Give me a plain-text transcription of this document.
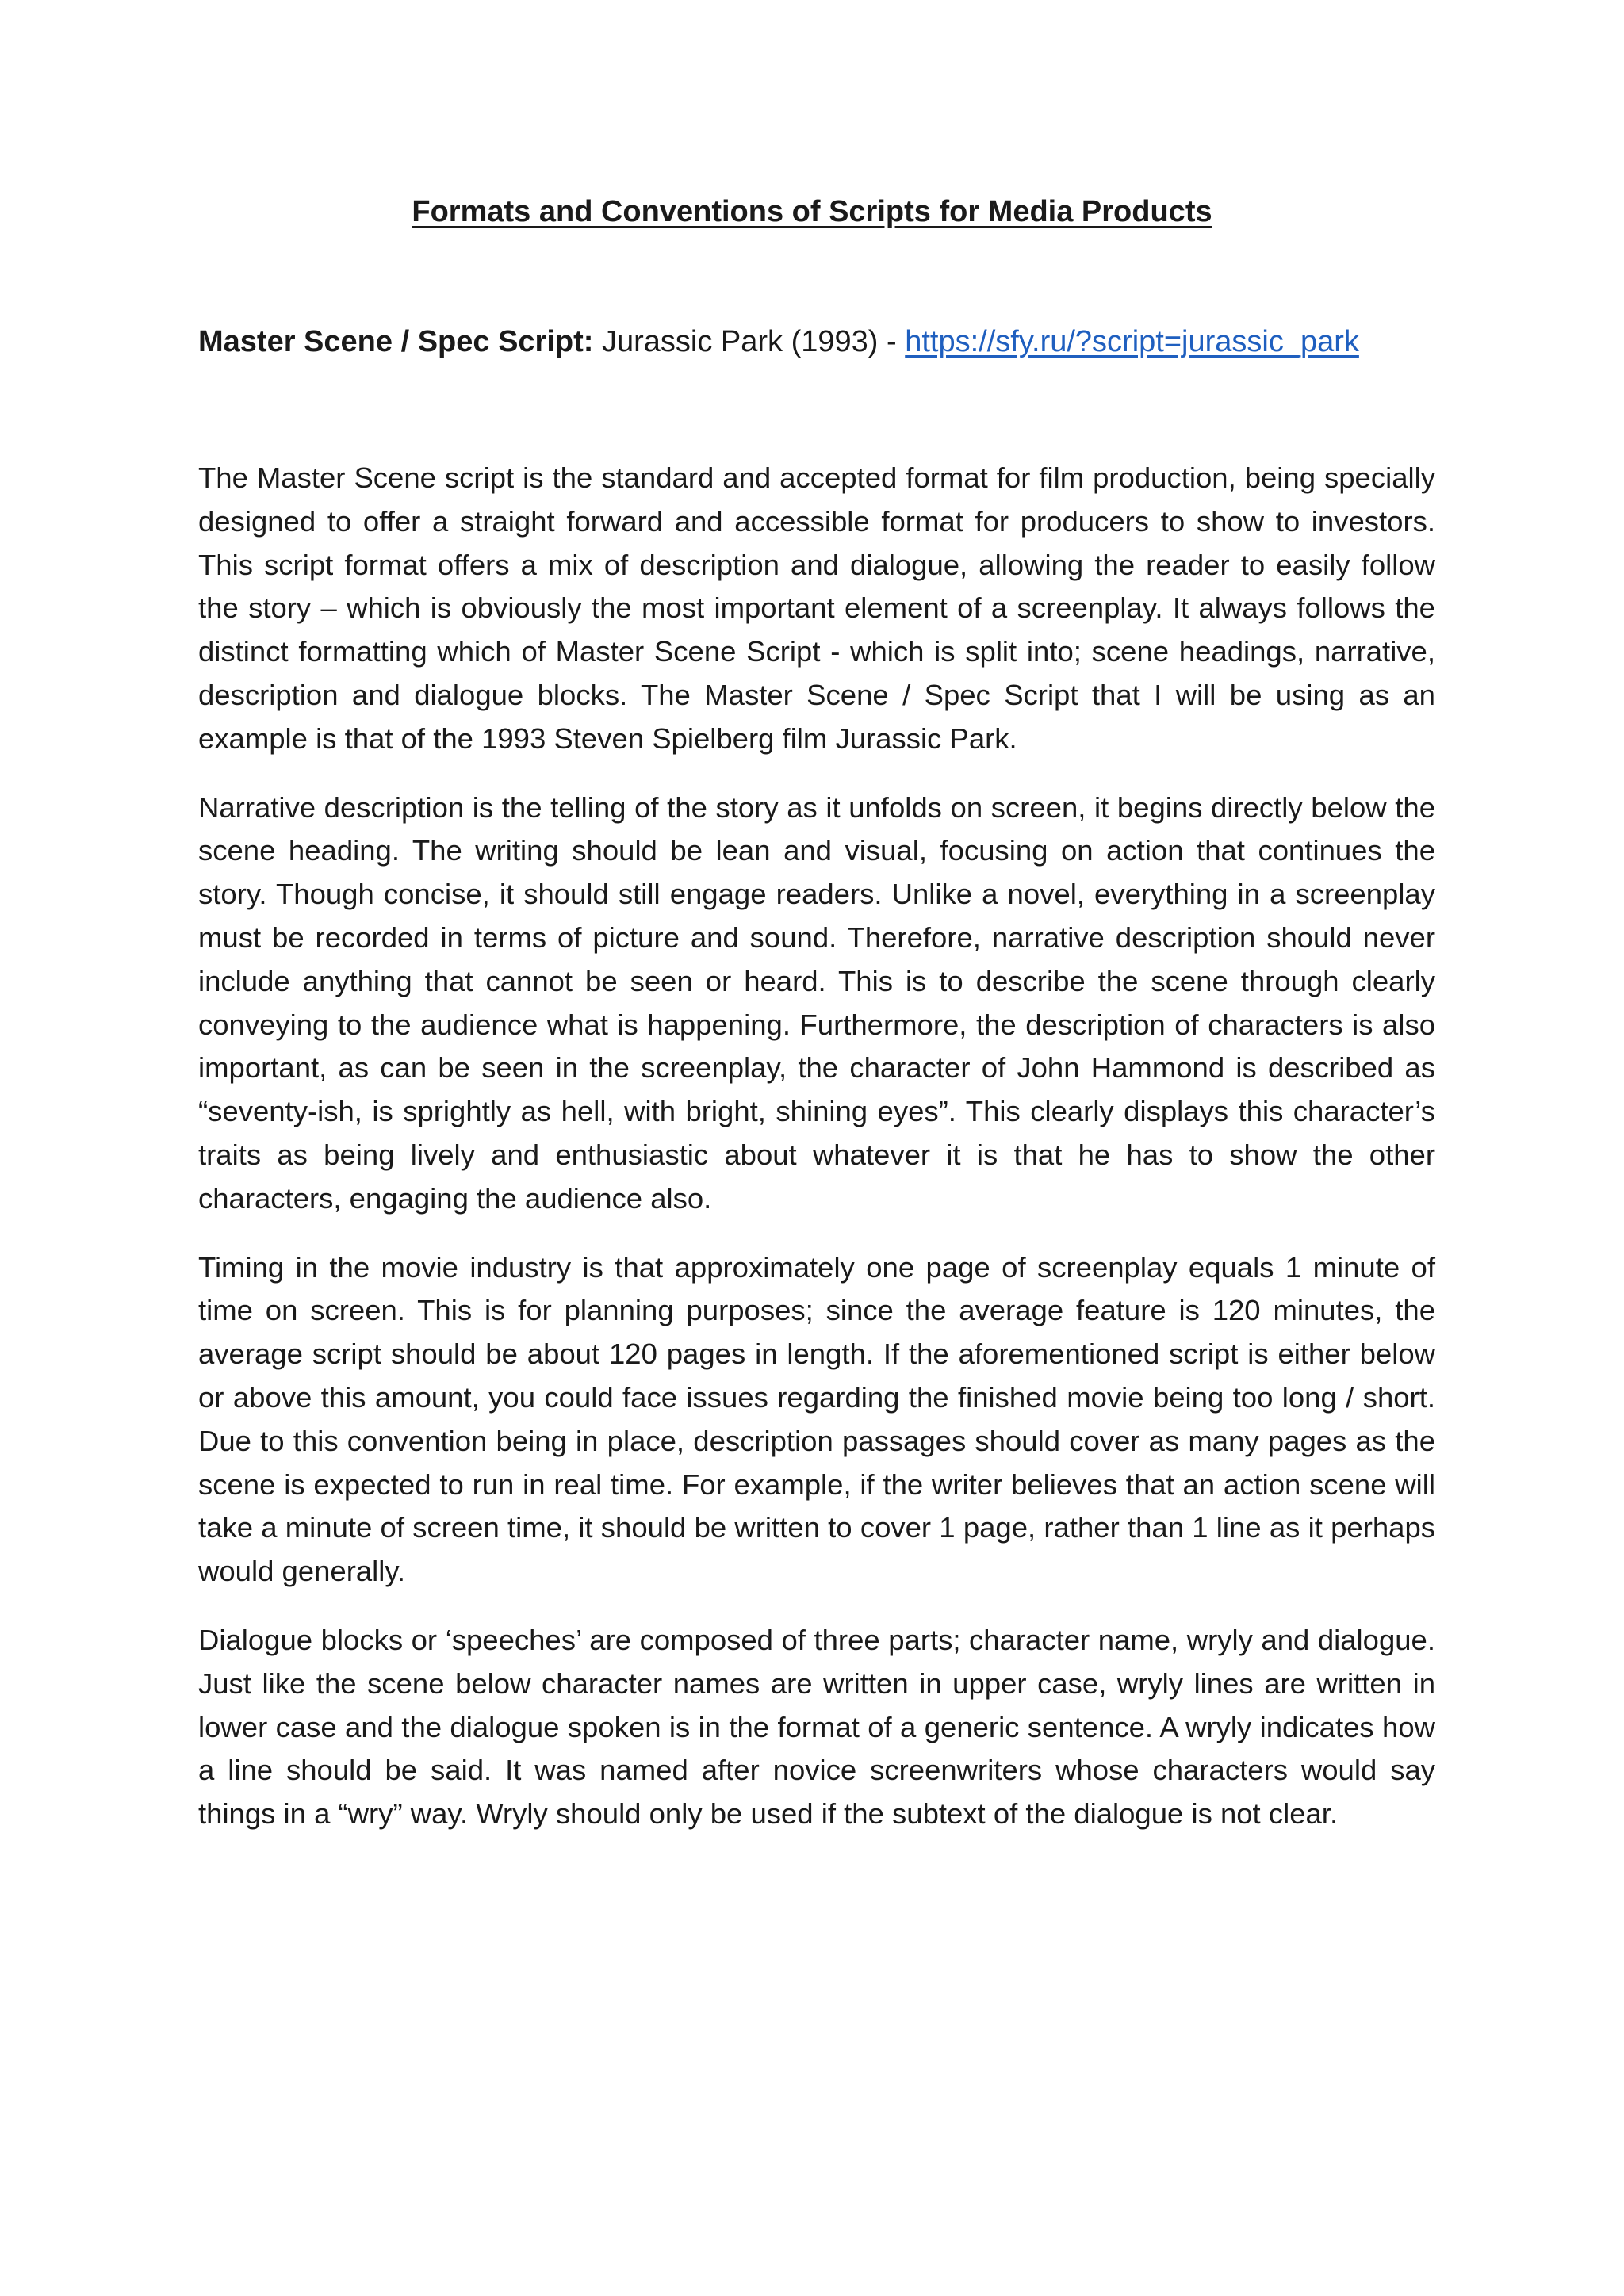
Formats and Conventions of Scripts for Media Products
Master Scene / Spec Script: Jurassic Park (1993) - https://sfy.ru/?script=jurassic_park

The Master Scene script is the standard and accepted format for film production, being specially designed to offer a straight forward and accessible format for producers to show to investors. This script format offers a mix of description and dialogue, allowing the reader to easily follow the story – which is obviously the most important element of a screenplay. It always follows the distinct formatting which of Master Scene Script - which is split into; scene headings, narrative, description and dialogue blocks. The Master Scene / Spec Script that I will be using as an example is that of the 1993 Steven Spielberg film Jurassic Park.

Narrative description is the telling of the story as it unfolds on screen, it begins directly below the scene heading. The writing should be lean and visual, focusing on action that continues the story. Though concise, it should still engage readers. Unlike a novel, everything in a screenplay must be recorded in terms of picture and sound. Therefore, narrative description should never include anything that cannot be seen or heard. This is to describe the scene through clearly conveying to the audience what is happening. Furthermore, the description of characters is also important, as can be seen in the screenplay, the character of John Hammond is described as “seventy-ish, is sprightly as hell, with bright, shining eyes”. This clearly displays this character’s traits as being lively and enthusiastic about whatever it is that he has to show the other characters, engaging the audience also.

Timing in the movie industry is that approximately one page of screenplay equals 1 minute of time on screen. This is for planning purposes; since the average feature is 120 minutes, the average script should be about 120 pages in length. If the aforementioned script is either below or above this amount, you could face issues regarding the finished movie being too long / short. Due to this convention being in place, description passages should cover as many pages as the scene is expected to run in real time. For example, if the writer believes that an action scene will take a minute of screen time, it should be written to cover 1 page, rather than 1 line as it perhaps would generally.

Dialogue blocks or ‘speeches’ are composed of three parts; character name, wryly and dialogue. Just like the scene below character names are written in upper case, wryly lines are written in lower case and the dialogue spoken is in the format of a generic sentence. A wryly indicates how a line should be said. It was named after novice screenwriters whose characters would say things in a “wry” way. Wryly should only be used if the subtext of the dialogue is not clear.
